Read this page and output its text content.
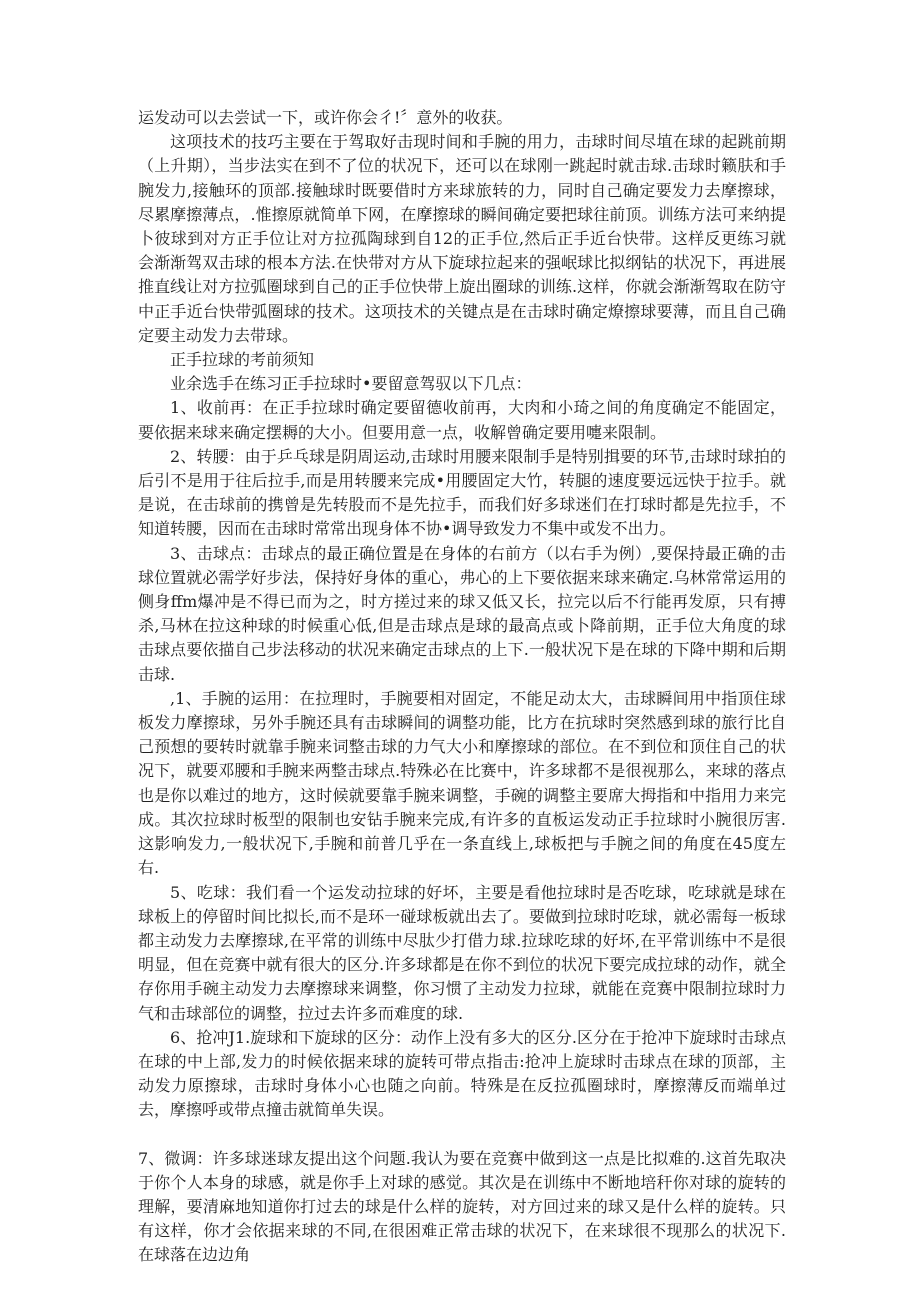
运发动可以去尝试一下，或许你会彳!〞意外的收获。

这项技术的技巧主要在于驾取好击现时间和手腕的用力，击球时间尽埴在球的起跳前期（上升期），当步法实在到不了位的状况下，还可以在球刚一跳起时就击球.击球时籁肤和手腕发力,接触环的顶部.接触球时既要借时方来球旅转的力，同时自己确定要发力去摩擦球，尽累摩擦薄点，.惟擦原就简单下网，在摩擦球的瞬间确定要把球往前顶。训练方法可来纳提卜彼球到对方正手位让对方拉孤陶球到自12的正手位,然后正手近台快带。这样反更练习就会渐渐驾双击球的根本方法.在快带对方从下旋球拉起来的强岷球比拟纲钻的状况下，再进展推直线让对方拉弧圈球到自己的正手位快带上旋出圈球的训练.这样，你就会渐渐驾取在防守中正手近台快带弧圈球的技术。这项技术的关键点是在击球时确定燎擦球要薄，而且自己确定要主动发力去带球。

正手拉球的考前须知

业余选手在练习正手拉球时•要留意驾驭以下几点：

1、收前再：在正手拉球时确定要留德收前再，大肉和小琦之间的角度确定不能固定，要依据来球来确定摆耨的大小。但要用意一点，收解曾确定要用嚏来限制。

2、转腰：由于乒乓球是阴周运动,击球时用腰来限制手是特别揖要的环节,击球时球拍的后引不是用于往后拉手,而是用转腰来完成•用腰固定大竹，转腿的速度要远远快于拉手。就是说，在击球前的携曾是先转股而不是先拉手，而我们好多球迷们在打球时都是先拉手，不知道转腰，因而在击球时常常出现身体不协•调导致发力不集中或发不出力。

3、击球点：击球点的最正确位置是在身体的右前方（以右手为例）,要保持最正确的击球位置就必需学好步法，保持好身体的重心，弗心的上下要依据来球来确定.乌林常常运用的侧身ffm爆冲是不得已而为之，时方搓过来的球又低又长，拉完以后不行能再发原，只有搏杀,马林在拉这种球的时候重心低,但是击球点是球的最高点或卜降前期，正手位大角度的球击球点要依描自己步法移动的状况来确定击球点的上下.一般状况下是在球的下降中期和后期击球.

,1、手腕的运用：在拉理时，手腕要相对固定，不能足动太大，击球瞬间用中指顶住球板发力摩擦球，另外手腕还具有击球瞬间的调整功能，比方在抗球时突然感到球的旅行比自己预想的要转时就靠手腕来词整击球的力气大小和摩擦球的部位。在不到位和顶住自己的状况下，就要邓腰和手腕来两整击球点.特殊必在比赛中，许多球都不是很视那么，来球的落点也是你以难过的地方，这时候就要靠手腕来调整，手碗的调整主要席大拇指和中指用力来完成。其次拉球时板型的限制也安钻手腕来完成,有许多的直板运发动正手拉球时小腕很厉害.这影响发力,一般状况下,手腕和前普几乎在一条直线上,球板把与手腕之间的角度在45度左右.

5、吃球：我们看一个运发动拉球的好坏，主要是看他拉球时是否吃球，吃球就是球在球板上的停留时间比拟长,而不是环一碰球板就出去了。要做到拉球时吃球，就必需每一板球都主动发力去摩擦球,在平常的训练中尽肽少打借力球.拉球吃球的好坏,在平常训练中不是很明显，但在竞赛中就有很大的区分.许多球都是在你不到位的状况下要完成拉球的动作，就全存你用手碗主动发力去摩擦球来调整，你习惯了主动发力拉球，就能在竞赛中限制拉球时力气和击球部位的调整，拉过去许多而难度的球.

6、抢冲J1.旋球和下旋球的区分：动作上没有多大的区分.区分在于抢冲下旋球时击球点在球的中上部,发力的时候依据来球的旋转可带点指击:抢冲上旋球时击球点在球的顶部，主动发力原擦球，击球时身体小心也随之向前。特殊是在反拉孤圈球时，摩擦薄反而端单过去，摩擦呼或带点撞击就简单失误。

7、微调：许多球迷球友提出这个问题.我认为要在竞赛中做到这一点是比拟难的.这首先取决于你个人本身的球感，就是你手上对球的感觉。其次是在训练中不断地培秆你对球的旋转的理解，要清麻地知道你打过去的球是什么样的旋转，对方回过来的球又是什么样的旋转。只有这样，你才会依据来球的不同,在很困难正常击球的状况下，在来球很不现那么的状况下.在球落在边边角
